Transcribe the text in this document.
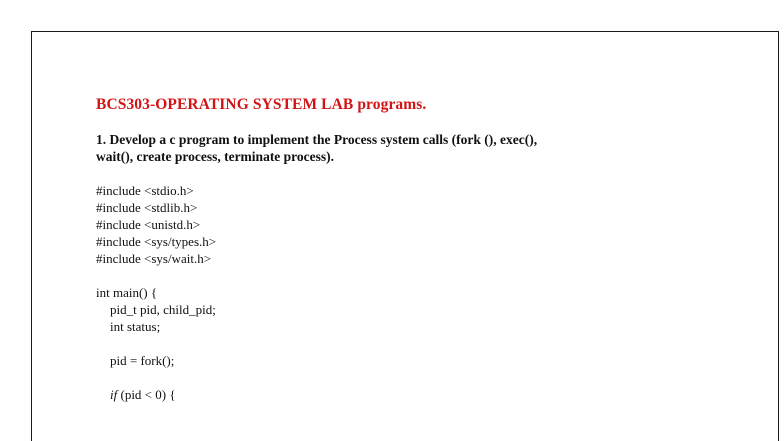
BCS303-OPERATING SYSTEM LAB programs.
1. Develop a c program to implement the Process system calls (fork (), exec(),
wait(), create process, terminate process).
#include <stdio.h>
#include <stdlib.h>
#include <unistd.h>
#include <sys/types.h>
#include <sys/wait.h>
int main() {
pid_t pid, child_pid;
int status;
pid = fork();
if (pid < 0) {
